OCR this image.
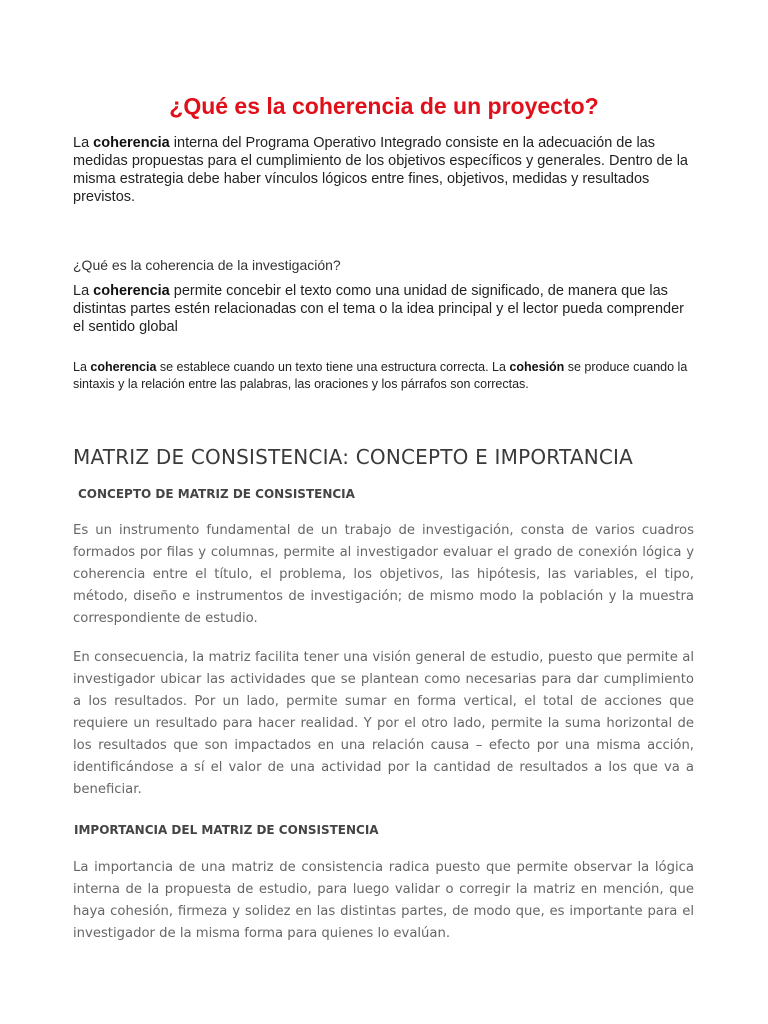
¿Qué es la coherencia de un proyecto?

La coherencia interna del Programa Operativo Integrado consiste en la adecuación de las medidas propuestas para el cumplimiento de los objetivos específicos y generales. Dentro de la misma estrategia debe haber vínculos lógicos entre fines, objetivos, medidas y resultados previstos.

¿Qué es la coherencia de la investigación?

La coherencia permite concebir el texto como una unidad de significado, de manera que las distintas partes estén relacionadas con el tema o la idea principal y el lector pueda comprender el sentido global

La coherencia se establece cuando un texto tiene una estructura correcta. La cohesión se produce cuando la sintaxis y la relación entre las palabras, las oraciones y los párrafos son correctas.

MATRIZ DE CONSISTENCIA: CONCEPTO E IMPORTANCIA
CONCEPTO DE MATRIZ DE CONSISTENCIA

Es un instrumento fundamental de un trabajo de investigación, consta de varios cuadros formados por filas y columnas, permite al investigador evaluar el grado de conexión lógica y coherencia entre el título, el problema, los objetivos, las hipótesis, las variables, el tipo, método, diseño e instrumentos de investigación; de mismo modo la población y la muestra correspondiente de estudio.

En consecuencia, la matriz facilita tener una visión general de estudio, puesto que permite al investigador ubicar las actividades que se plantean como necesarias para dar cumplimiento a los resultados. Por un lado, permite sumar en forma vertical, el total de acciones que requiere un resultado para hacer realidad. Y por el otro lado, permite la suma horizontal de los resultados que son impactados en una relación causa – efecto por una misma acción, identificándose a sí el valor de una actividad por la cantidad de resultados a los que va a beneficiar.

IMPORTANCIA DEL MATRIZ DE CONSISTENCIA

La importancia de una matriz de consistencia radica puesto que permite observar la lógica interna de la propuesta de estudio, para luego validar o corregir la matriz en mención, que haya cohesión, firmeza y solidez en las distintas partes, de modo que, es importante para el investigador de la misma forma para quienes lo evalúan.
